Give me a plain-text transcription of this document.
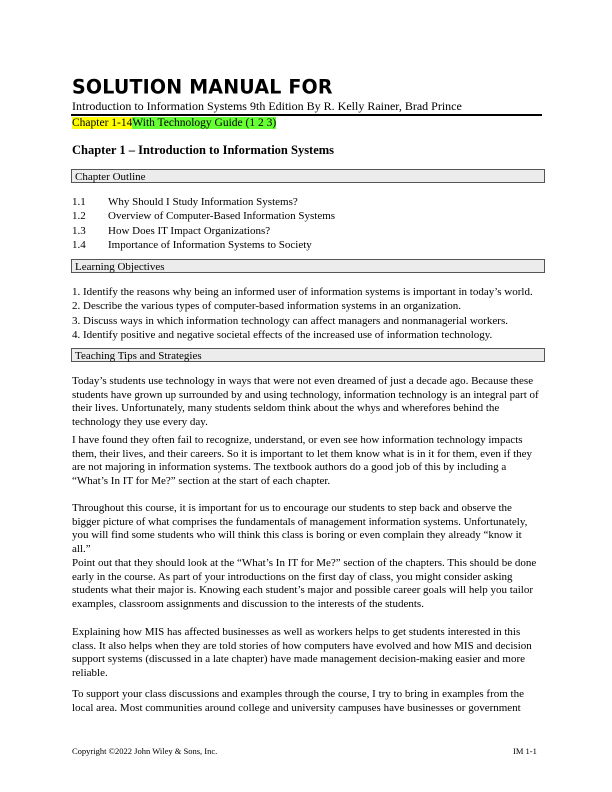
SOLUTION MANUAL FOR
Introduction to Information Systems 9th Edition By R. Kelly Rainer, Brad Prince
Chapter 1-14With Technology Guide (1 2 3)
Chapter 1 – Introduction to Information Systems
Chapter Outline
1.1	Why Should I Study Information Systems?
1.2	Overview of Computer-Based Information Systems
1.3	How Does IT Impact Organizations?
1.4	Importance of Information Systems to Society
Learning Objectives
1. Identify the reasons why being an informed user of information systems is important in today’s world.
2. Describe the various types of computer-based information systems in an organization.
3. Discuss ways in which information technology can affect managers and nonmanagerial workers.
4. Identify positive and negative societal effects of the increased use of information technology.
Teaching Tips and Strategies
Today’s students use technology in ways that were not even dreamed of just a decade ago. Because these students have grown up surrounded by and using technology, information technology is an integral part of their lives. Unfortunately, many students seldom think about the whys and wherefores behind the technology they use every day.
I have found they often fail to recognize, understand, or even see how information technology impacts them, their lives, and their careers. So it is important to let them know what is in it for them, even if they are not majoring in information systems. The textbook authors do a good job of this by including a “What’s In IT for Me?” section at the start of each chapter.
Throughout this course, it is important for us to encourage our students to step back and observe the bigger picture of what comprises the fundamentals of management information systems. Unfortunately, you will find some students who will think this class is boring or even complain they already “know it all.”
Point out that they should look at the “What’s In IT for Me?” section of the chapters. This should be done early in the course. As part of your introductions on the first day of class, you might consider asking students what their major is. Knowing each student’s major and possible career goals will help you tailor examples, classroom assignments and discussion to the interests of the students.
Explaining how MIS has affected businesses as well as workers helps to get students interested in this class. It also helps when they are told stories of how computers have evolved and how MIS and decision support systems (discussed in a late chapter) have made management decision-making easier and more reliable.
To support your class discussions and examples through the course, I try to bring in examples from the local area. Most communities around college and university campuses have businesses or government
Copyright ©2022 John Wiley & Sons, Inc.	IM 1-1
